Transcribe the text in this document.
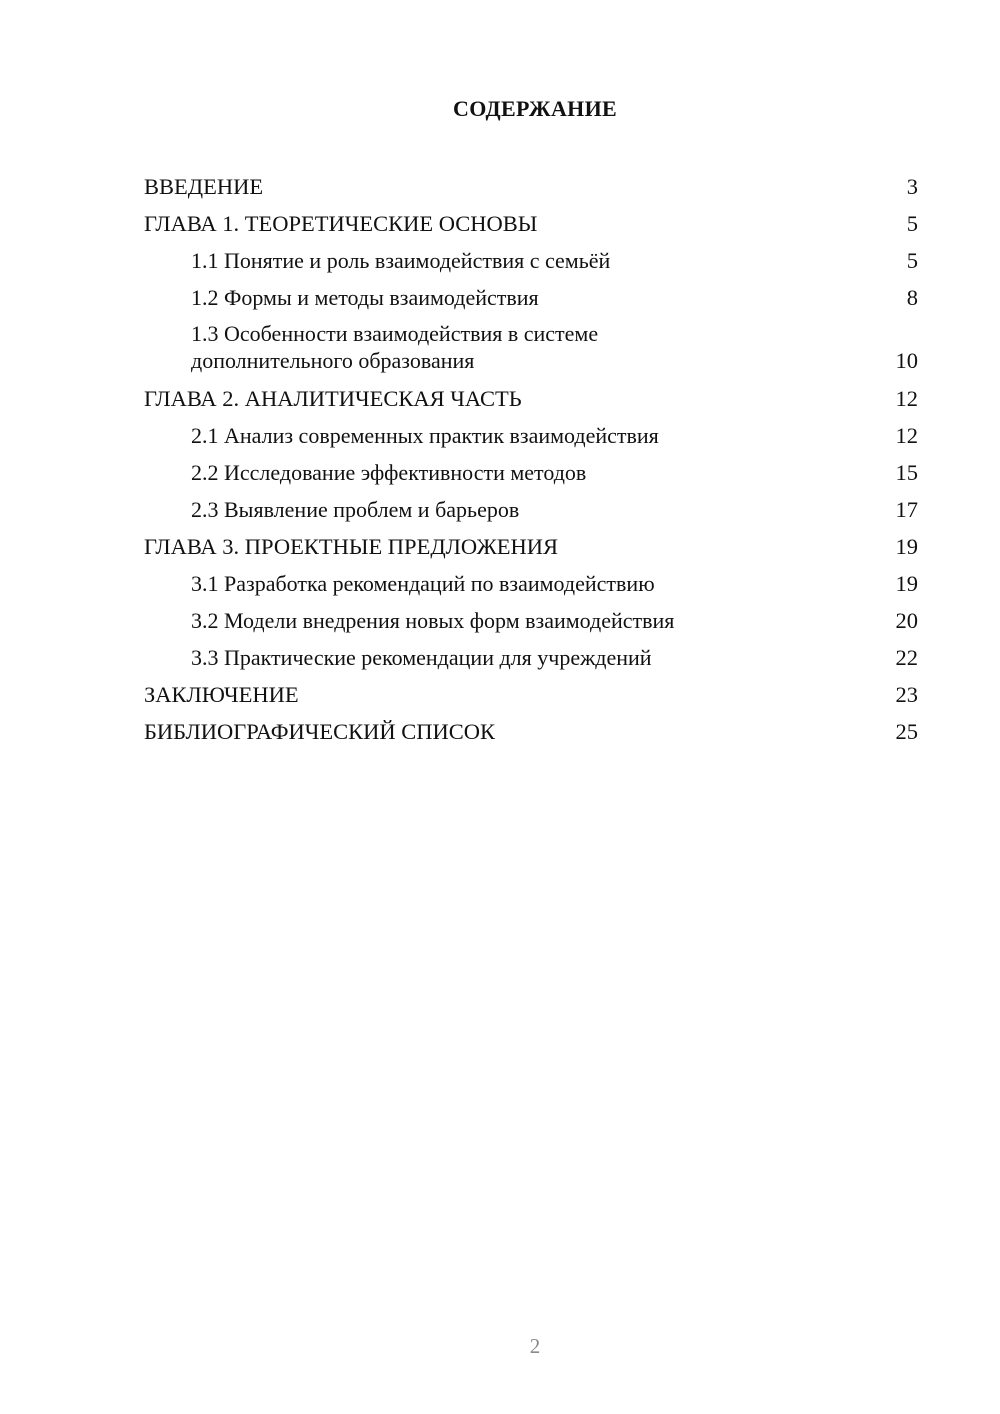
СОДЕРЖАНИЕ
ВВЕДЕНИЕ	3
ГЛАВА 1. ТЕОРЕТИЧЕСКИЕ ОСНОВЫ	5
1.1 Понятие и роль взаимодействия с семьёй	5
1.2 Формы и методы взаимодействия	8
1.3 Особенности взаимодействия в системе дополнительного образования	10
ГЛАВА 2. АНАЛИТИЧЕСКАЯ ЧАСТЬ	12
2.1 Анализ современных практик взаимодействия	12
2.2 Исследование эффективности методов	15
2.3 Выявление проблем и барьеров	17
ГЛАВА 3. ПРОЕКТНЫЕ ПРЕДЛОЖЕНИЯ	19
3.1 Разработка рекомендаций по взаимодействию	19
3.2 Модели внедрения новых форм взаимодействия	20
3.3 Практические рекомендации для учреждений	22
ЗАКЛЮЧЕНИЕ	23
БИБЛИОГРАФИЧЕСКИЙ СПИСОК	25
2
